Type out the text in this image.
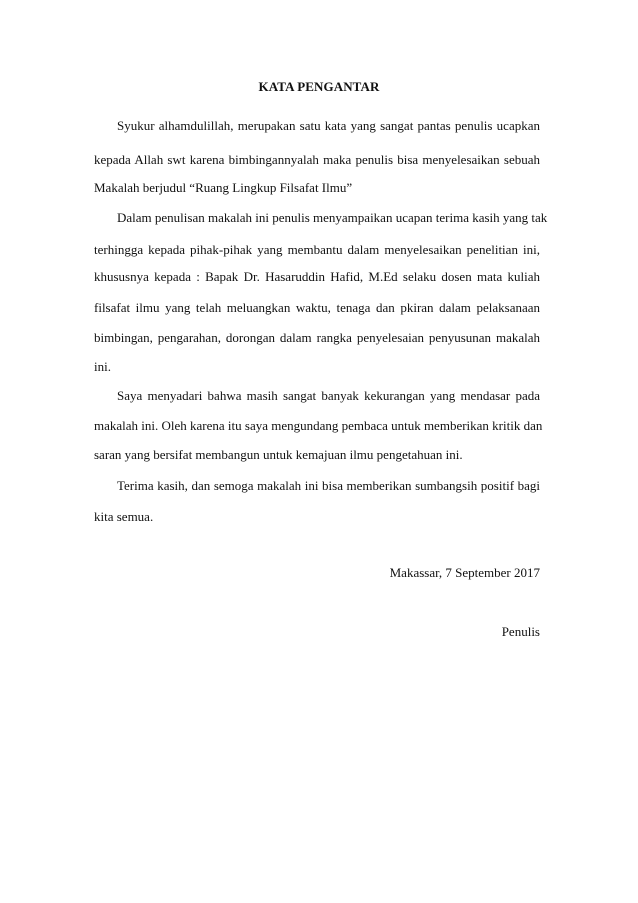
KATA PENGANTAR
Syukur alhamdulillah, merupakan satu kata yang sangat pantas penulis ucapkan
kepada Allah swt karena bimbingannyalah maka penulis bisa menyelesaikan sebuah
Makalah berjudul “Ruang Lingkup Filsafat Ilmu”
Dalam penulisan makalah ini penulis menyampaikan ucapan terima kasih yang tak
terhingga kepada pihak-pihak yang membantu dalam menyelesaikan penelitian ini,
khususnya kepada : Bapak Dr. Hasaruddin Hafid, M.Ed selaku dosen mata kuliah
filsafat ilmu yang telah meluangkan waktu, tenaga dan pkiran dalam pelaksanaan
bimbingan, pengarahan, dorongan dalam rangka penyelesaian penyusunan makalah
ini.
Saya menyadari bahwa masih sangat banyak kekurangan yang mendasar pada
makalah ini. Oleh karena itu saya mengundang pembaca untuk memberikan kritik dan
saran yang bersifat membangun untuk kemajuan ilmu pengetahuan ini.
Terima kasih, dan semoga makalah ini bisa memberikan sumbangsih positif bagi
kita semua.
Makassar, 7 September 2017
Penulis
